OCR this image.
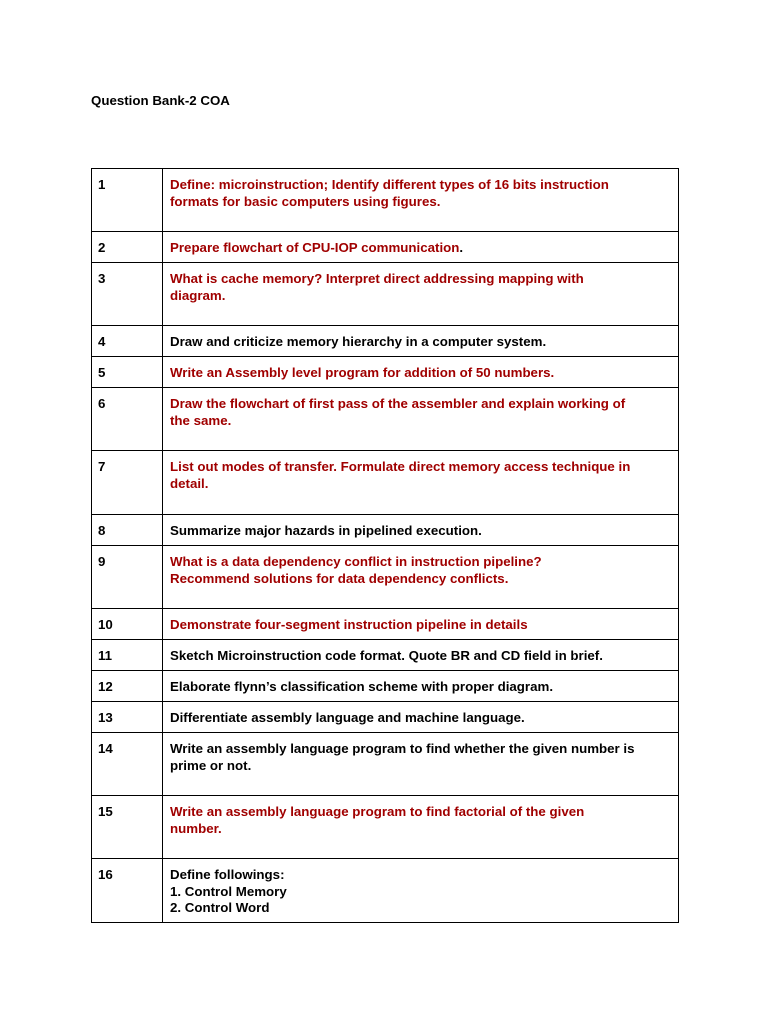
Question Bank-2 COA
1	Define: microinstruction; Identify different types of 16 bits instruction formats for basic computers using figures.
2	Prepare flowchart of CPU-IOP communication.
3	What is cache memory? Interpret direct addressing mapping with diagram.
4	Draw and criticize memory hierarchy in a computer system.
5	Write an Assembly level program for addition of 50 numbers.
6	Draw the flowchart of first pass of the assembler and explain working of the same.
7	List out modes of transfer. Formulate direct memory access technique in detail.
8	Summarize major hazards in pipelined execution.
9	What is a data dependency conflict in instruction pipeline?
Recommend solutions for data dependency conflicts.

10	Demonstrate four-segment instruction pipeline in details
11	Sketch Microinstruction code format. Quote BR and CD field in brief.
12	Elaborate flynn’s classification scheme with proper diagram.
13	Differentiate assembly language and machine language.
14	Write an assembly language program to find whether the given number is prime or not.
15	Write an assembly language program to find factorial of the given number.
16	Define followings:
1. Control Memory
2. Control Word
